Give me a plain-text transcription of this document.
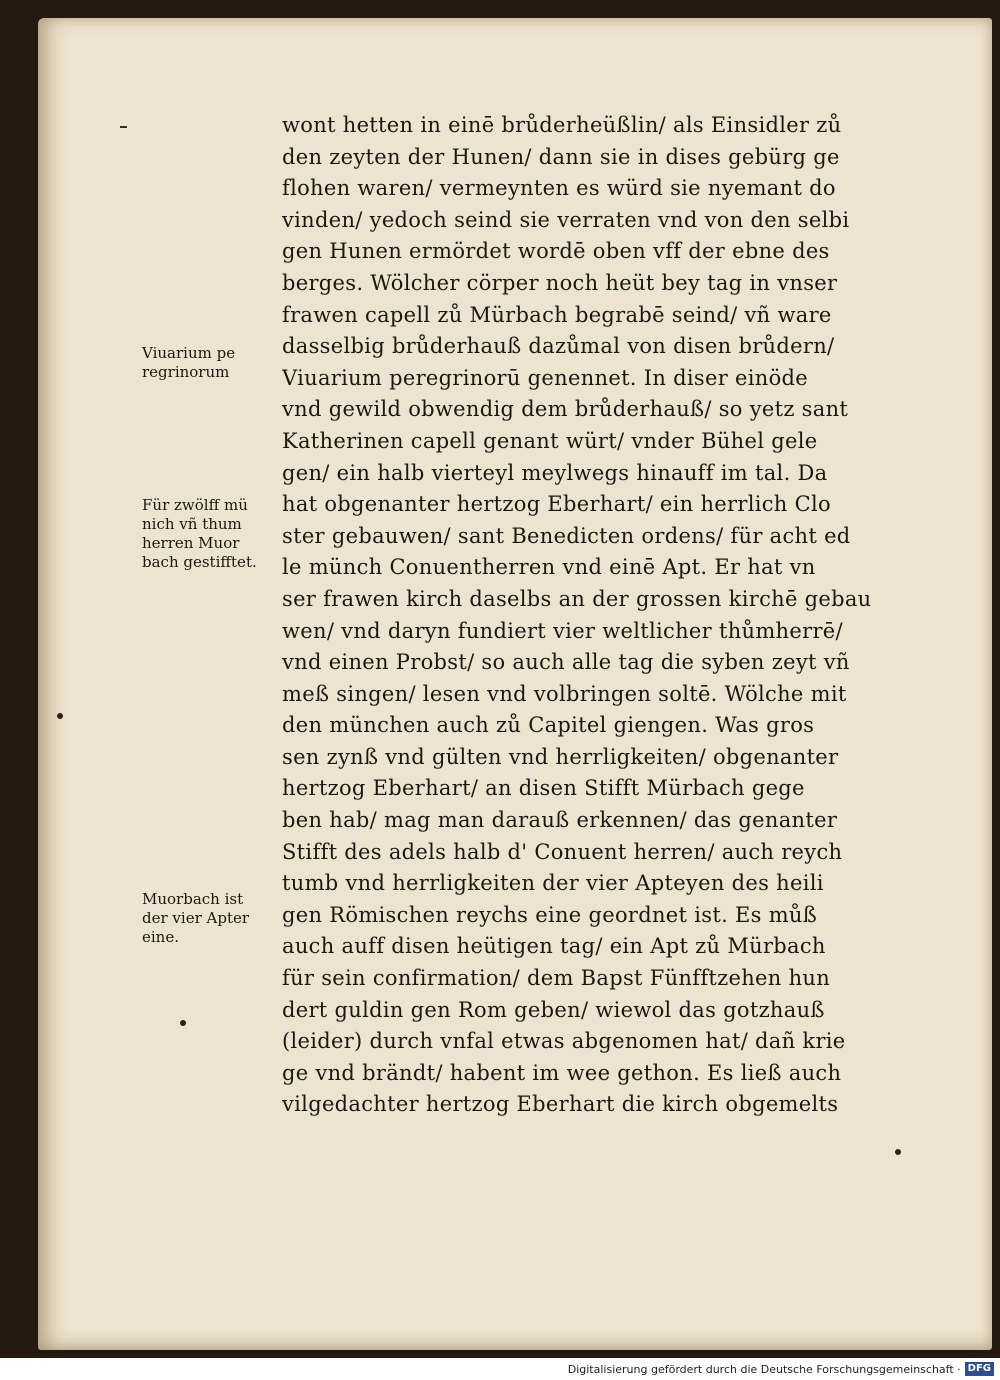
Viuarium pe
regrinorum
Für zwölff mü
nich vñ thum
herren Muor
bach gestifftet.
Muorbach ist
der vier Apter
eine.
wont hetten in einē brůderheüßlin/ als Einsidler zů
den zeyten der Hunen/ dann sie in dises gebürg ge
flohen waren/ vermeynten es würd sie nyemant do
vinden/ yedoch seind sie verraten vnd von den selbi
gen Hunen ermördet wordē oben vff der ebne des
berges. Wölcher cörper noch heüt bey tag in vnser
frawen capell zů Mürbach begrabē seind/ vñ ware
dasselbig brůderhauß dazůmal von disen brůdern/
Viuarium peregrinorū genennet. In diser einöde
vnd gewild obwendig dem brůderhauß/ so yetz sant
Katherinen capell genant würt/ vnder Bühel gele
gen/ ein halb vierteyl meylwegs hinauff im tal. Da
hat obgenanter hertzog Eberhart/ ein herrlich Clo
ster gebauwen/ sant Benedicten ordens/ für acht ed
le münch Conuentherren vnd einē Apt. Er hat vn
ser frawen kirch daselbs an der grossen kirchē gebau
wen/ vnd daryn fundiert vier weltlicher thůmherrē/
vnd einen Probst/ so auch alle tag die syben zeyt vñ
meß singen/ lesen vnd volbringen soltē. Wölche mit
den münchen auch zů Capitel giengen. Was gros
sen zynß vnd gülten vnd herrligkeiten/ obgenanter
hertzog Eberhart/ an disen Stifft Mürbach gege
ben hab/ mag man darauß erkennen/ das genanter
Stifft des adels halb d' Conuent herren/ auch reych
tumb vnd herrligkeiten der vier Apteyen des heili
gen Römischen reychs eine geordnet ist. Es můß
auch auff disen heütigen tag/ ein Apt zů Mürbach
für sein confirmation/ dem Bapst Fünfftzehen hun
dert guldin gen Rom geben/ wiewol das gotzhauß
(leider) durch vnfal etwas abgenomen hat/ dañ krie
ge vnd brändt/ habent im wee gethon. Es ließ auch
vilgedachter hertzog Eberhart die kirch obgemelts
Digitalisierung gefördert durch die Deutsche Forschungsgemeinschaft · DFG
